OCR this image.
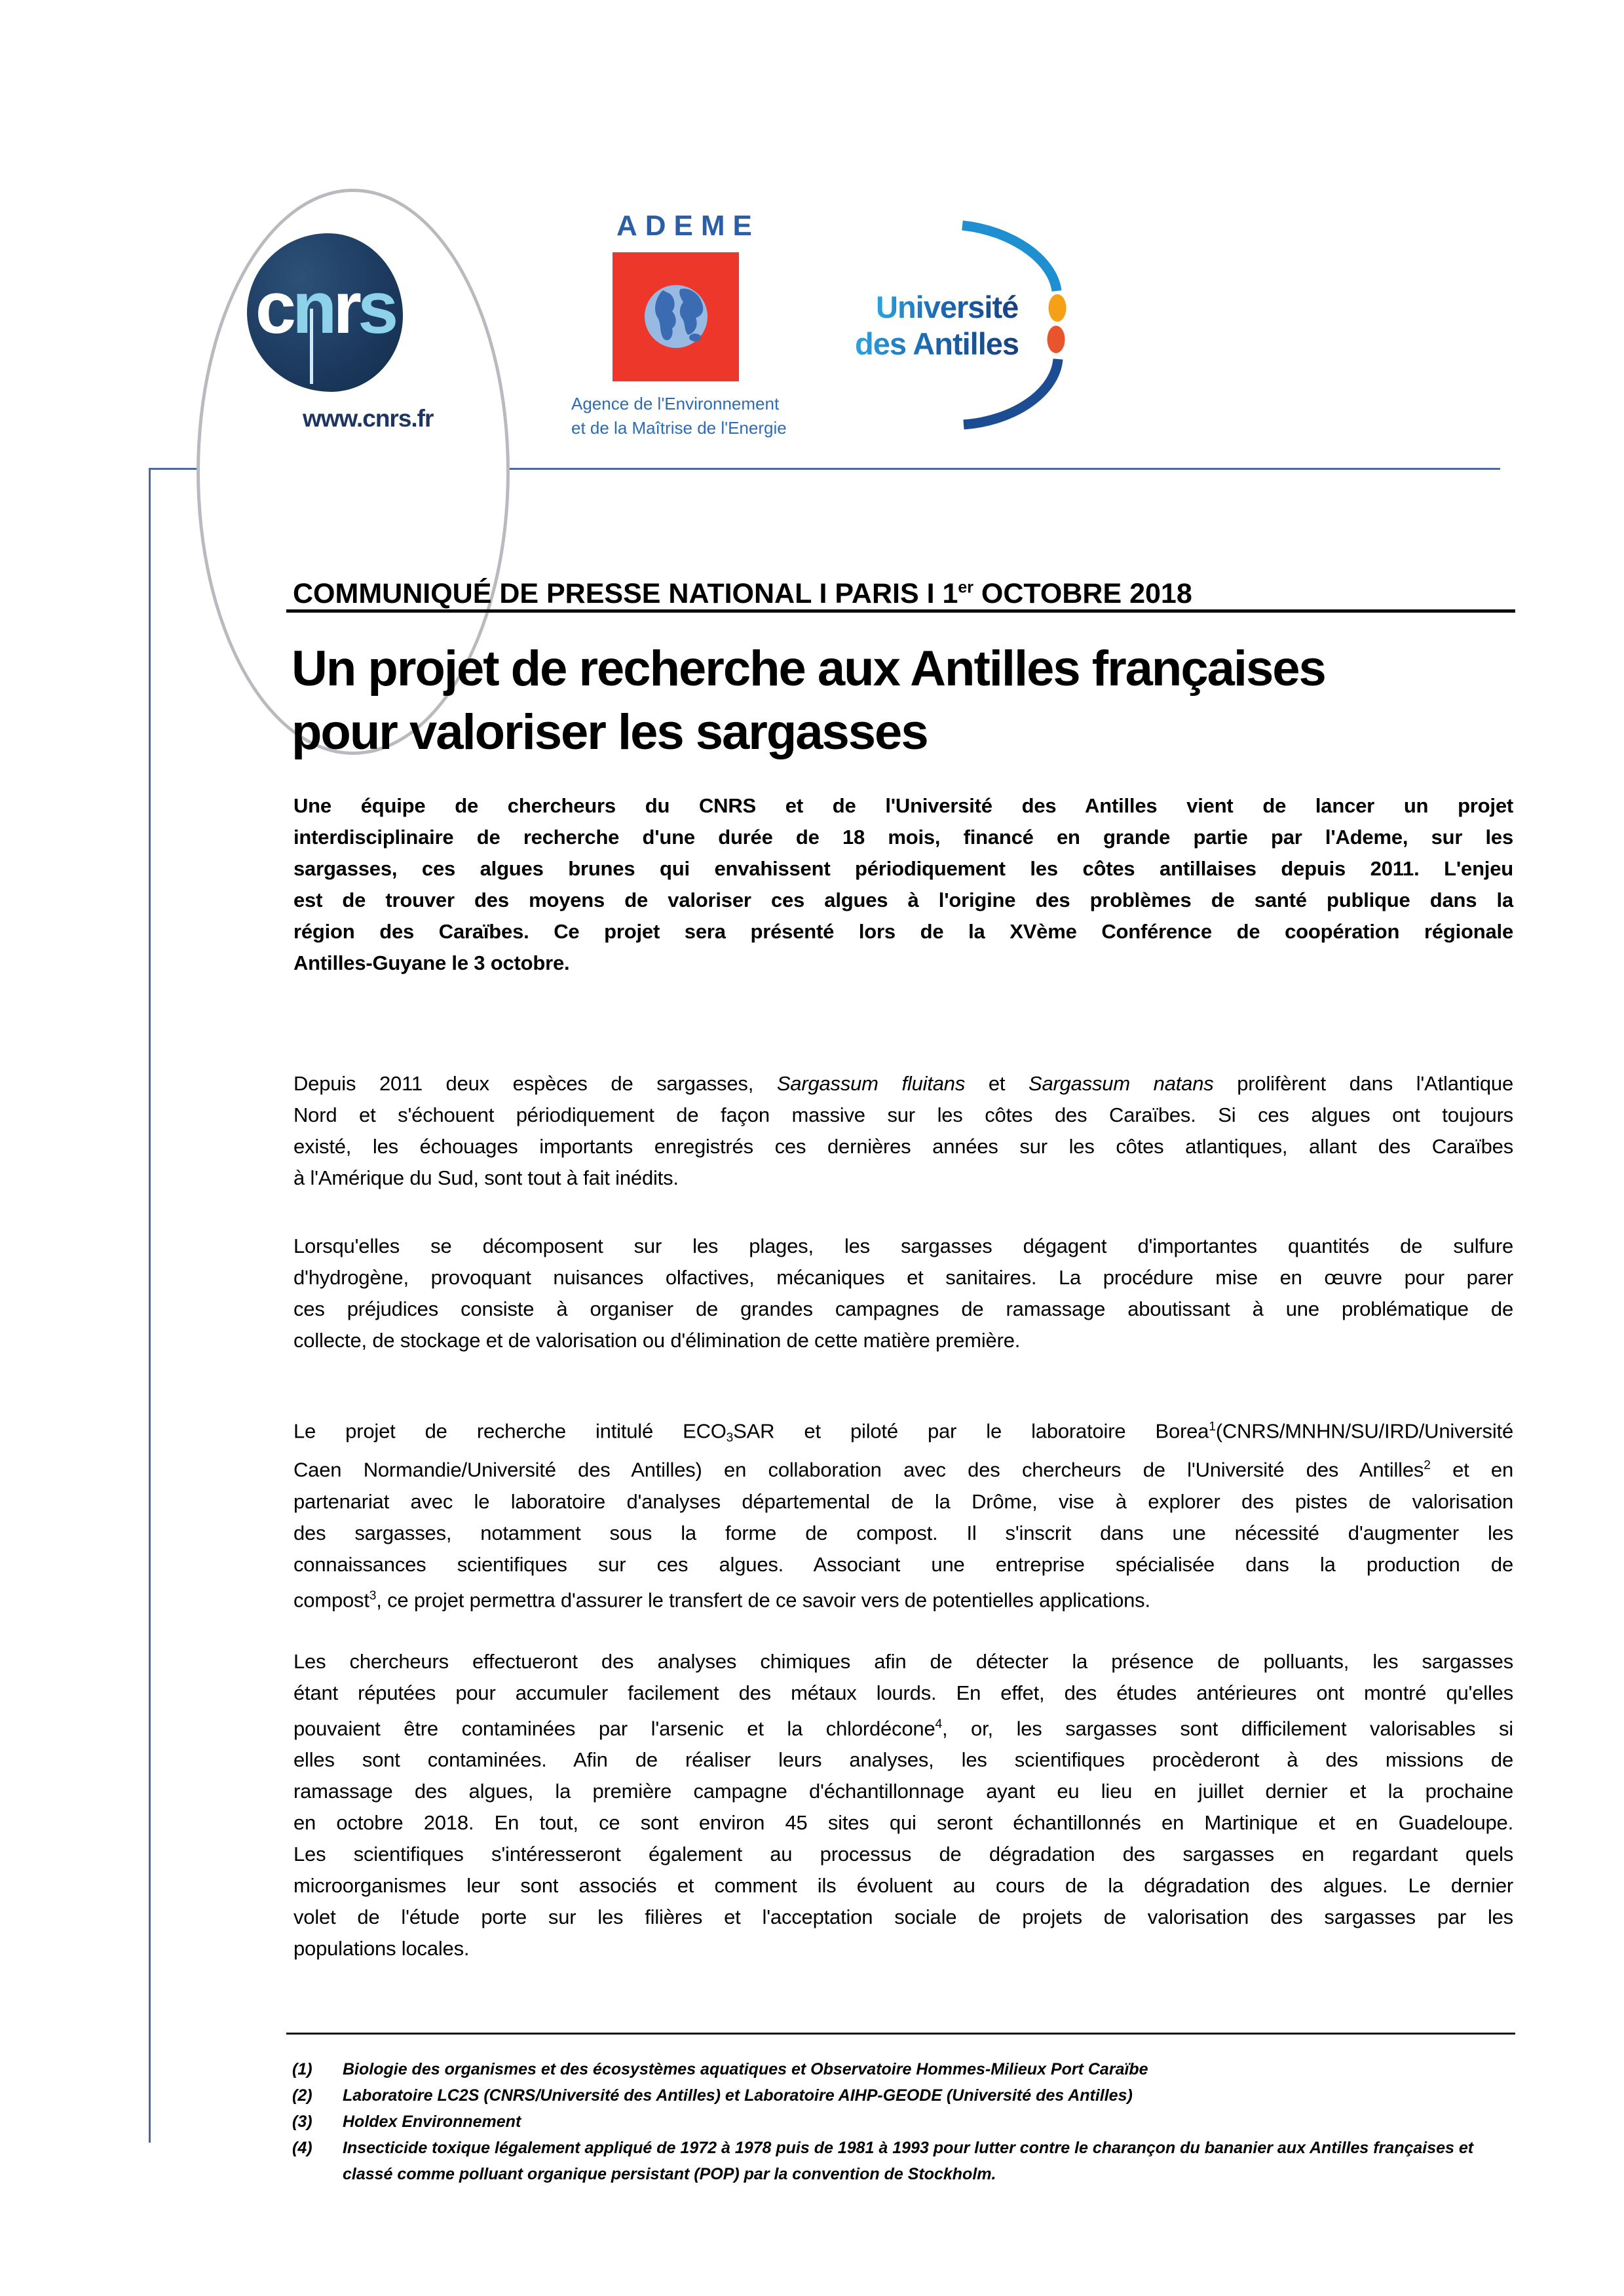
cnrs
www.cnrs.fr
ADEME
Agence de l'Environnement
et de la Maîtrise de l'Energie
Université
des Antilles
COMMUNIQUÉ DE PRESSE NATIONAL I PARIS I 1er OCTOBRE 2018
Un projet de recherche aux Antilles françaises
pour valoriser les sargasses
Une équipe de chercheurs du CNRS et de l'Université des Antilles vient de lancer un projet
interdisciplinaire de recherche d'une durée de 18 mois, financé en grande partie par l'Ademe, sur les
sargasses, ces algues brunes qui envahissent périodiquement les côtes antillaises depuis 2011. L'enjeu
est de trouver des moyens de valoriser ces algues à l'origine des problèmes de santé publique dans la
région des Caraïbes. Ce projet sera présenté lors de la XVème Conférence de coopération régionale
Antilles-Guyane le 3 octobre.
Depuis 2011 deux espèces de sargasses, Sargassum fluitans et Sargassum natans prolifèrent dans l'Atlantique
Nord et s'échouent périodiquement de façon massive sur les côtes des Caraïbes. Si ces algues ont toujours
existé, les échouages importants enregistrés ces dernières années sur les côtes atlantiques, allant des Caraïbes
à l'Amérique du Sud, sont tout à fait inédits.
Lorsqu'elles se décomposent sur les plages, les sargasses dégagent d'importantes quantités de sulfure
d'hydrogène, provoquant nuisances olfactives, mécaniques et sanitaires. La procédure mise en œuvre pour parer
ces préjudices consiste à organiser de grandes campagnes de ramassage aboutissant à une problématique de
collecte, de stockage et de valorisation ou d'élimination de cette matière première.
Le projet de recherche intitulé $ECO_3SAR$ et piloté par le laboratoire Borea$^1$(CNRS/MNHN/SU/IRD/Université
Caen Normandie/Université des Antilles) en collaboration avec des chercheurs de l'Université des Antilles$^2$ et en
partenariat avec le laboratoire d'analyses départemental de la Drôme, vise à explorer des pistes de valorisation
des sargasses, notamment sous la forme de compost. Il s'inscrit dans une nécessité d'augmenter les
connaissances scientifiques sur ces algues. Associant une entreprise spécialisée dans la production de
compost$^3$, ce projet permettra d'assurer le transfert de ce savoir vers de potentielles applications.
Les chercheurs effectueront des analyses chimiques afin de détecter la présence de polluants, les sargasses
étant réputées pour accumuler facilement des métaux lourds. En effet, des études antérieures ont montré qu'elles
pouvaient être contaminées par l'arsenic et la chlordécone$^4$, or, les sargasses sont difficilement valorisables si
elles sont contaminées. Afin de réaliser leurs analyses, les scientifiques procèderont à des missions de
ramassage des algues, la première campagne d'échantillonnage ayant eu lieu en juillet dernier et la prochaine
en octobre 2018. En tout, ce sont environ 45 sites qui seront échantillonnés en Martinique et en Guadeloupe.
Les scientifiques s'intéresseront également au processus de dégradation des sargasses en regardant quels
microorganismes leur sont associés et comment ils évoluent au cours de la dégradation des algues. Le dernier
volet de l'étude porte sur les filières et l'acceptation sociale de projets de valorisation des sargasses par les
populations locales.
(1)	Biologie des organismes et des écosystèmes aquatiques et Observatoire Hommes-Milieux Port Caraïbe
(2)	Laboratoire LC2S (CNRS/Université des Antilles) et Laboratoire AIHP-GEODE (Université des Antilles)
(3)	Holdex Environnement
(4)	Insecticide toxique légalement appliqué de 1972 à 1978 puis de 1981 à 1993 pour lutter contre le charançon du bananier aux Antilles françaises et classé comme polluant organique persistant (POP) par la convention de Stockholm.
